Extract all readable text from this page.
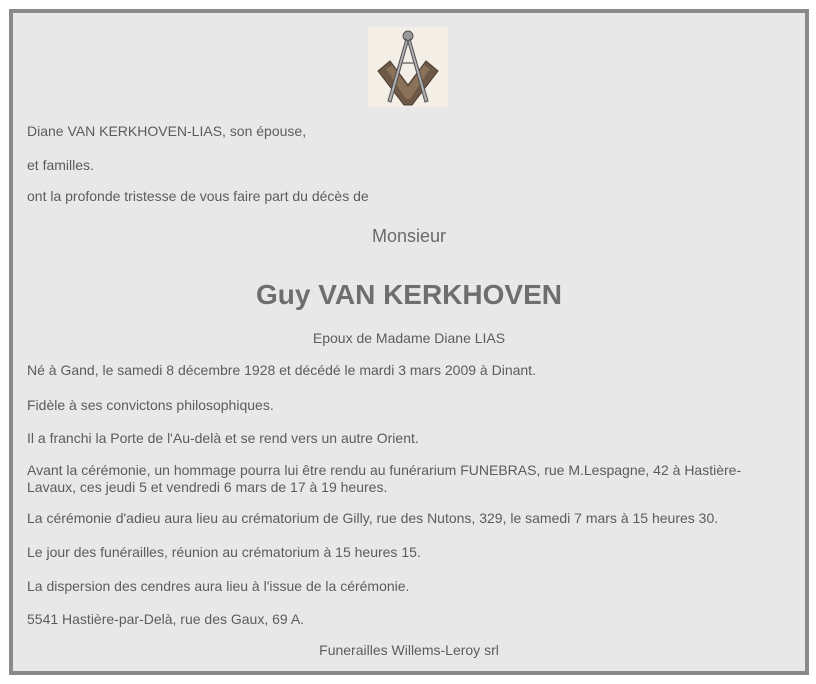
Diane VAN KERKHOVEN-LIAS, son épouse,

et familles.

ont la profonde tristesse de vous faire part du décès de

Monsieur

Guy VAN KERKHOVEN

Epoux de Madame Diane LIAS

Né à Gand, le samedi 8 décembre 1928 et décédé le mardi 3 mars 2009 à Dinant.

Fidèle à ses convictons philosophiques.

Il a franchi la Porte de l'Au-delà et se rend vers un autre Orient.

Avant la cérémonie, un hommage pourra lui être rendu au funérarium FUNEBRAS, rue M.Lespagne, 42 à Hastière-Lavaux, ces jeudi 5 et vendredi 6 mars de 17 à 19 heures.

La cérémonie d'adieu aura lieu au crématorium de Gilly, rue des Nutons, 329, le samedi 7 mars à 15 heures 30.

Le jour des funérailles, réunion au crématorium à 15 heures 15.

La dispersion des cendres aura lieu à l'issue de la cérémonie.

5541 Hastière-par-Delà, rue des Gaux, 69 A.

Funerailles Willems-Leroy srl
